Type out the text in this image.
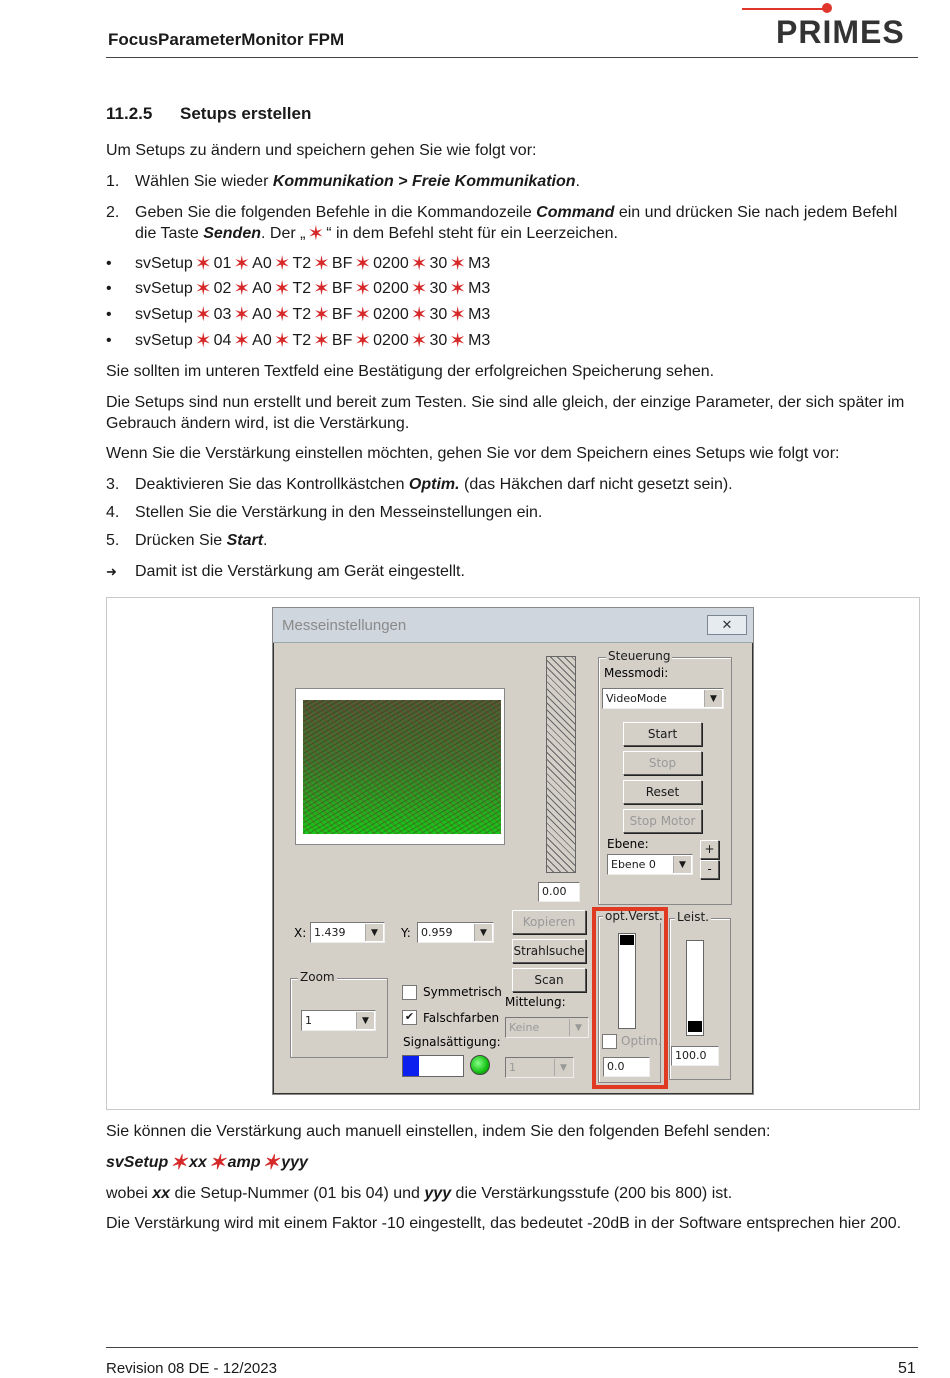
FocusParameterMonitor FPM	PRIMES
11.2.5 Setups erstellen
Um Setups zu ändern und speichern gehen Sie wie folgt vor:
1. Wählen Sie wieder Kommunikation > Freie Kommunikation.
2. Geben Sie die folgenden Befehle in die Kommandozeile Command ein und drücken Sie nach jedem Befehl die Taste Senden. Der „ ✶ “ in dem Befehl steht für ein Leerzeichen.
• svSetup ✶ 01 ✶ A0 ✶ T2 ✶ BF ✶ 0200 ✶ 30 ✶ M3
• svSetup ✶ 02 ✶ A0 ✶ T2 ✶ BF ✶ 0200 ✶ 30 ✶ M3
• svSetup ✶ 03 ✶ A0 ✶ T2 ✶ BF ✶ 0200 ✶ 30 ✶ M3
• svSetup ✶ 04 ✶ A0 ✶ T2 ✶ BF ✶ 0200 ✶ 30 ✶ M3
Sie sollten im unteren Textfeld eine Bestätigung der erfolgreichen Speicherung sehen.
Die Setups sind nun erstellt und bereit zum Testen. Sie sind alle gleich, der einzige Parameter, der sich später im Gebrauch ändern wird, ist die Verstärkung.
Wenn Sie die Verstärkung einstellen möchten, gehen Sie vor dem Speichern eines Setups wie folgt vor:
3. Deaktivieren Sie das Kontrollkästchen Optim. (das Häkchen darf nicht gesetzt sein).
4. Stellen Sie die Verstärkung in den Messeinstellungen ein.
5. Drücken Sie Start.
➜ Damit ist die Verstärkung am Gerät eingestellt.
Messeinstellungen	✕
0.00
Steuerung
Messmodi:
VideoMode	▼
Start
Stop
Reset
Stop Motor
Ebene:
Ebene 0	▼
+
-
X: 1.439	▼	Y: 0.959	▼
Kopieren
Strahlsuche
Scan
Zoom
1	▼
Symmetrisch
✔ Falschfarben
Mittelung:
Keine	▼
Signalsättigung:
1	▼
opt.Verst.
Optim.
0.0
Leist.
100.0
Sie können die Verstärkung auch manuell einstellen, indem Sie den folgenden Befehl senden:
svSetup ✶ xx ✶ amp ✶ yyy
wobei xx die Setup-Nummer (01 bis 04) und yyy die Verstärkungsstufe (200 bis 800) ist.
Die Verstärkung wird mit einem Faktor -10 eingestellt, das bedeutet -20dB in der Software entsprechen hier 200.
Revision 08 DE - 12/2023	51
